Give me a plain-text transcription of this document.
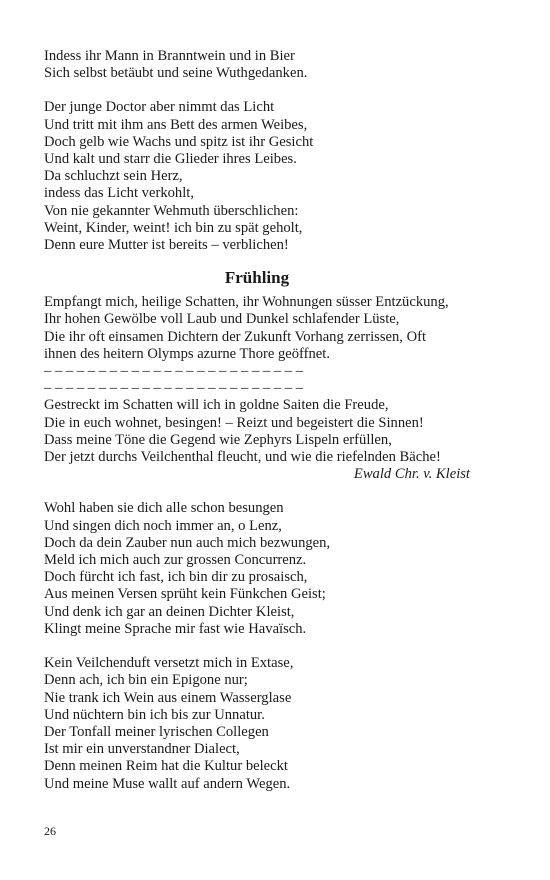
Indess ihr Mann in Branntwein und in Bier
Sich selbst betäubt und seine Wuthgedanken.
Der junge Doctor aber nimmt das Licht
Und tritt mit ihm ans Bett des armen Weibes,
Doch gelb wie Wachs und spitz ist ihr Gesicht
Und kalt und starr die Glieder ihres Leibes.
Da schluchzt sein Herz,
indess das Licht verkohlt,
Von nie gekannter Wehmuth überschlichen:
Weint, Kinder, weint! ich bin zu spät geholt,
Denn eure Mutter ist bereits – verblichen!
Frühling
Empfangt mich, heilige Schatten, ihr Wohnungen süsser Entzückung,
Ihr hohen Gewölbe voll Laub und Dunkel schlafender Lüste,
Die ihr oft einsamen Dichtern der Zukunft Vorhang zerrissen, Oft
ihnen des heitern Olymps azurne Thore geöffnet.
– – – – – – – – – – – – – – – – – – – – – – – –
– – – – – – – – – – – – – – – – – – – – – – – –
Gestreckt im Schatten will ich in goldne Saiten die Freude,
Die in euch wohnet, besingen! – Reizt und begeistert die Sinnen!
Dass meine Töne die Gegend wie Zephyrs Lispeln erfüllen,
Der jetzt durchs Veilchenthal fleucht, und wie die riefelnden Bäche!
Ewald Chr. v. Kleist
Wohl haben sie dich alle schon besungen
Und singen dich noch immer an, o Lenz,
Doch da dein Zauber nun auch mich bezwungen,
Meld ich mich auch zur grossen Concurrenz.
Doch fürcht ich fast, ich bin dir zu prosaisch,
Aus meinen Versen sprüht kein Fünkchen Geist;
Und denk ich gar an deinen Dichter Kleist,
Klingt meine Sprache mir fast wie Havaïsch.
Kein Veilchenduft versetzt mich in Extase,
Denn ach, ich bin ein Epigone nur;
Nie trank ich Wein aus einem Wasserglase
Und nüchtern bin ich bis zur Unnatur.
Der Tonfall meiner lyrischen Collegen
Ist mir ein unverstandner Dialect,
Denn meinen Reim hat die Kultur beleckt
Und meine Muse wallt auf andern Wegen.
26
